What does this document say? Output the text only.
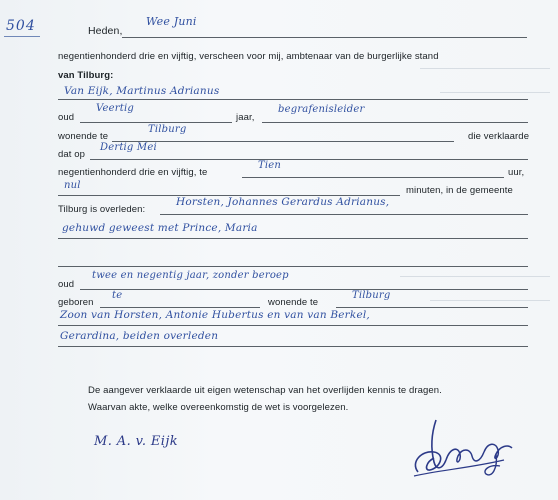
504	Heden,
Wee Juni
negentienhonderd drie en vijftig, verscheen voor mij, ambtenaar van de burgerlijke stand
van Tilburg:
Van Eijk, Martinus Adrianus
oud
Veertig
jaar,
begrafenisleider
wonende te
Tilburg
die verklaarde
dat op
Dertig Mei
negentienhonderd drie en vijftig, te
Tien
uur,
nul	minuten, in de gemeente
Tilburg is overleden:
Horsten, Johannes Gerardus Adrianus,
gehuwd geweest met Prince, Maria
oud
twee en negentig jaar, zonder beroep
geboren
te
wonende te
Tilburg
Zoon van Horsten, Antonie Hubertus en van van Berkel,
Gerardina, beiden overleden
De aangever verklaarde uit eigen wetenschap van het overlijden kennis te dragen.
Waarvan akte, welke overeenkomstig de wet is voorgelezen.
M. A. v. Eijk
